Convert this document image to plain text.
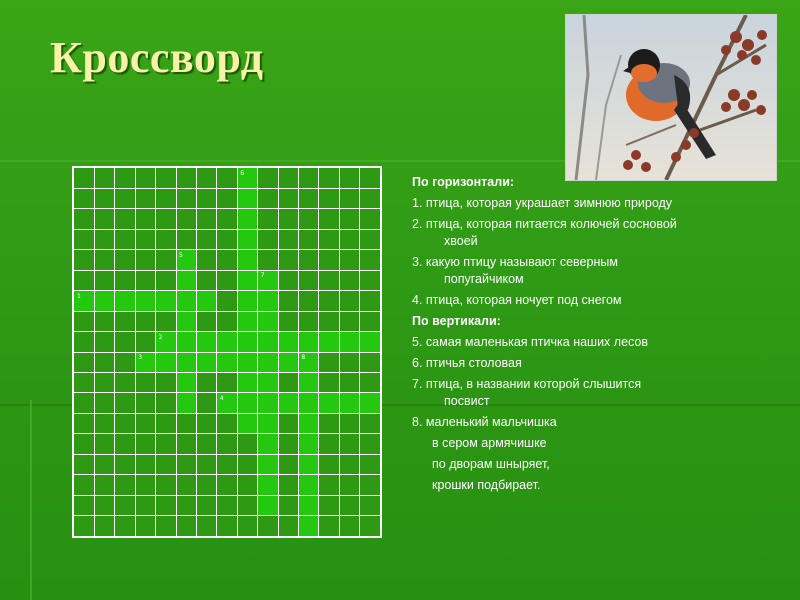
Кроссворд
1
2
3
4
5
6
7
8
По горизонтали:
1. птица, которая украшает зимнюю природу
2. птица, которая питается колючей сосновой
хвоей
3. какую птицу называют северным
попугайчиком
4. птица, которая ночует под снегом
По вертикали:
5. самая маленькая птичка наших лесов
6. птичья столовая
7. птица, в названии которой слышится
посвист
8. маленький мальчишка
в сером армячишке
по дворам шныряет,
крошки подбирает.
